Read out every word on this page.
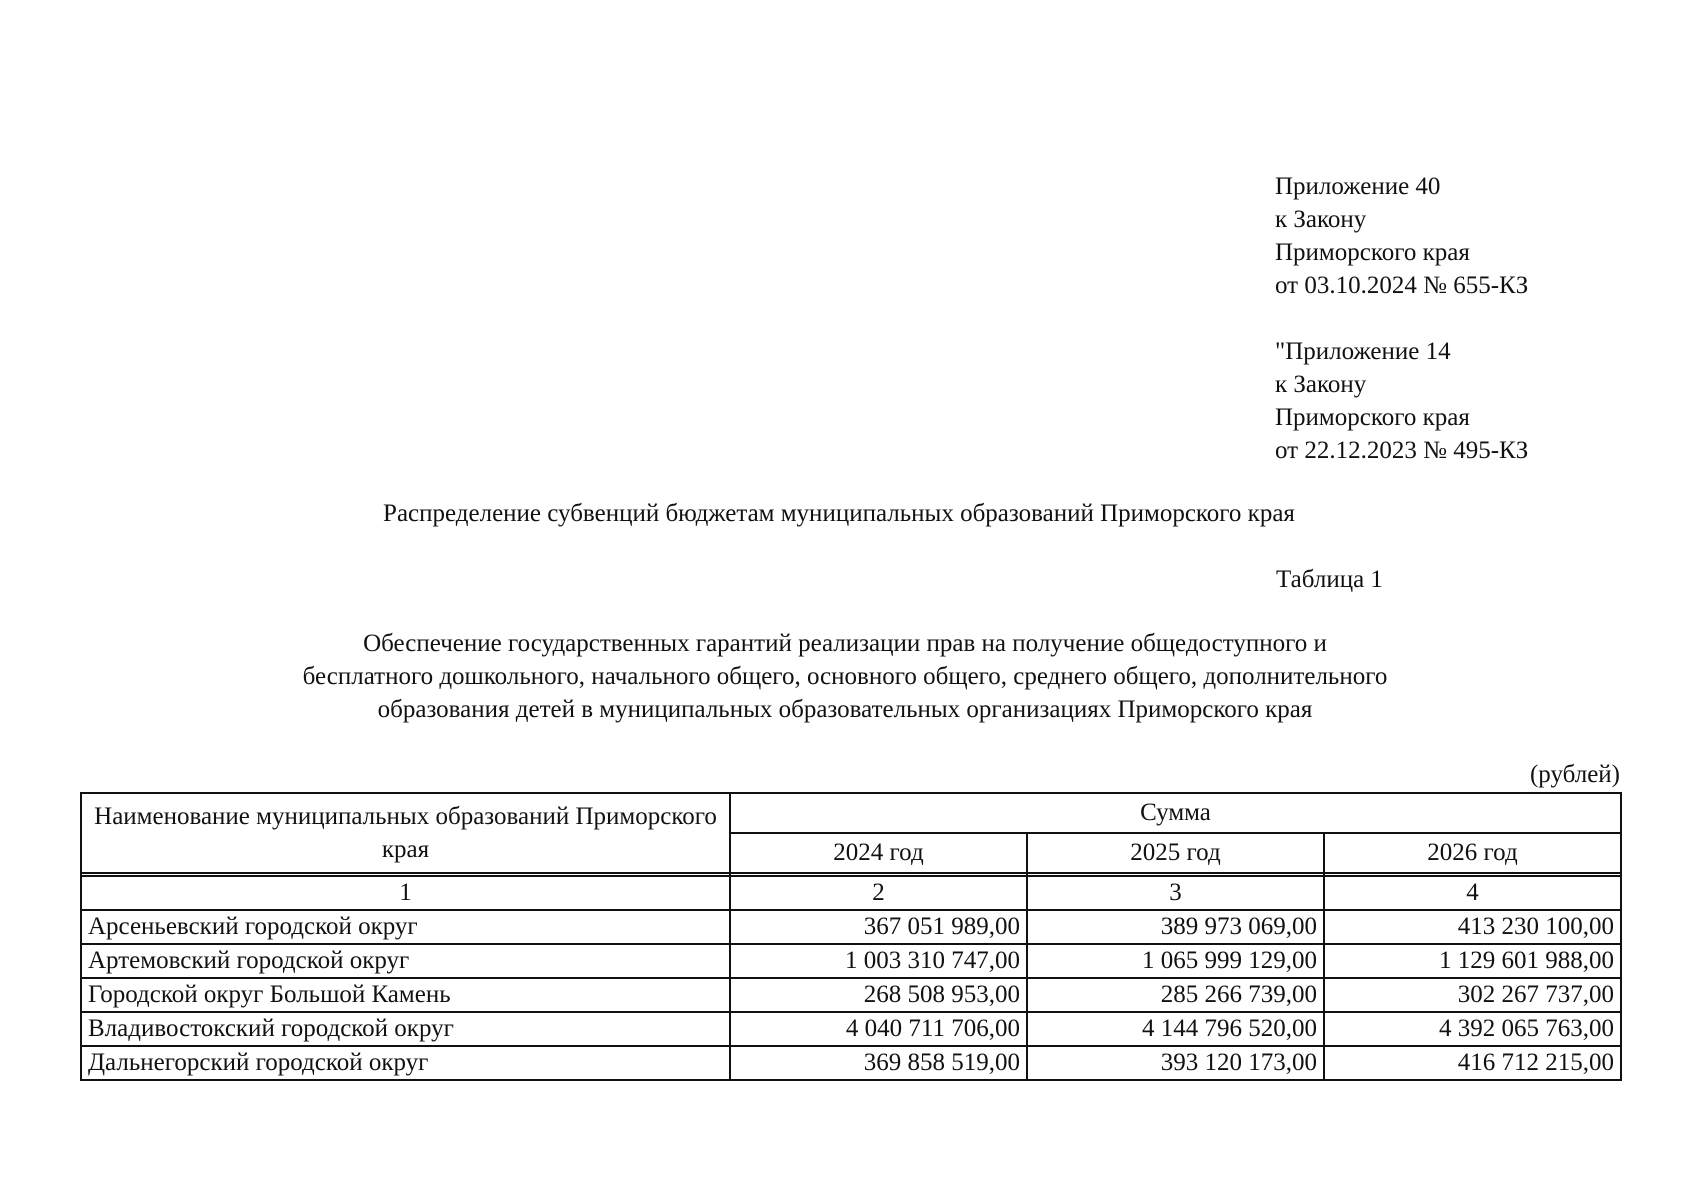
Приложение 40
к Закону
Приморского края
от 03.10.2024 № 655-КЗ
"Приложение 14
к Закону
Приморского края
от 22.12.2023 № 495-КЗ
Распределение субвенций бюджетам муниципальных образований Приморского края
Таблица 1
Обеспечение государственных гарантий реализации прав на получение общедоступного и
бесплатного дошкольного, начального общего, основного общего, среднего общего, дополнительного
образования детей в муниципальных образовательных организациях Приморского края
(рублей)
Наименование муниципальных образований Приморского края	Сумма		
	2024 год	2025 год	2026 год

1	2	3	4
Арсеньевский городской округ	367 051 989,00	389 973 069,00	413 230 100,00
Артемовский городской округ	1 003 310 747,00	1 065 999 129,00	1 129 601 988,00
Городской округ Большой Камень	268 508 953,00	285 266 739,00	302 267 737,00
Владивостокский городской округ	4 040 711 706,00	4 144 796 520,00	4 392 065 763,00
Дальнегорский городской округ	369 858 519,00	393 120 173,00	416 712 215,00
